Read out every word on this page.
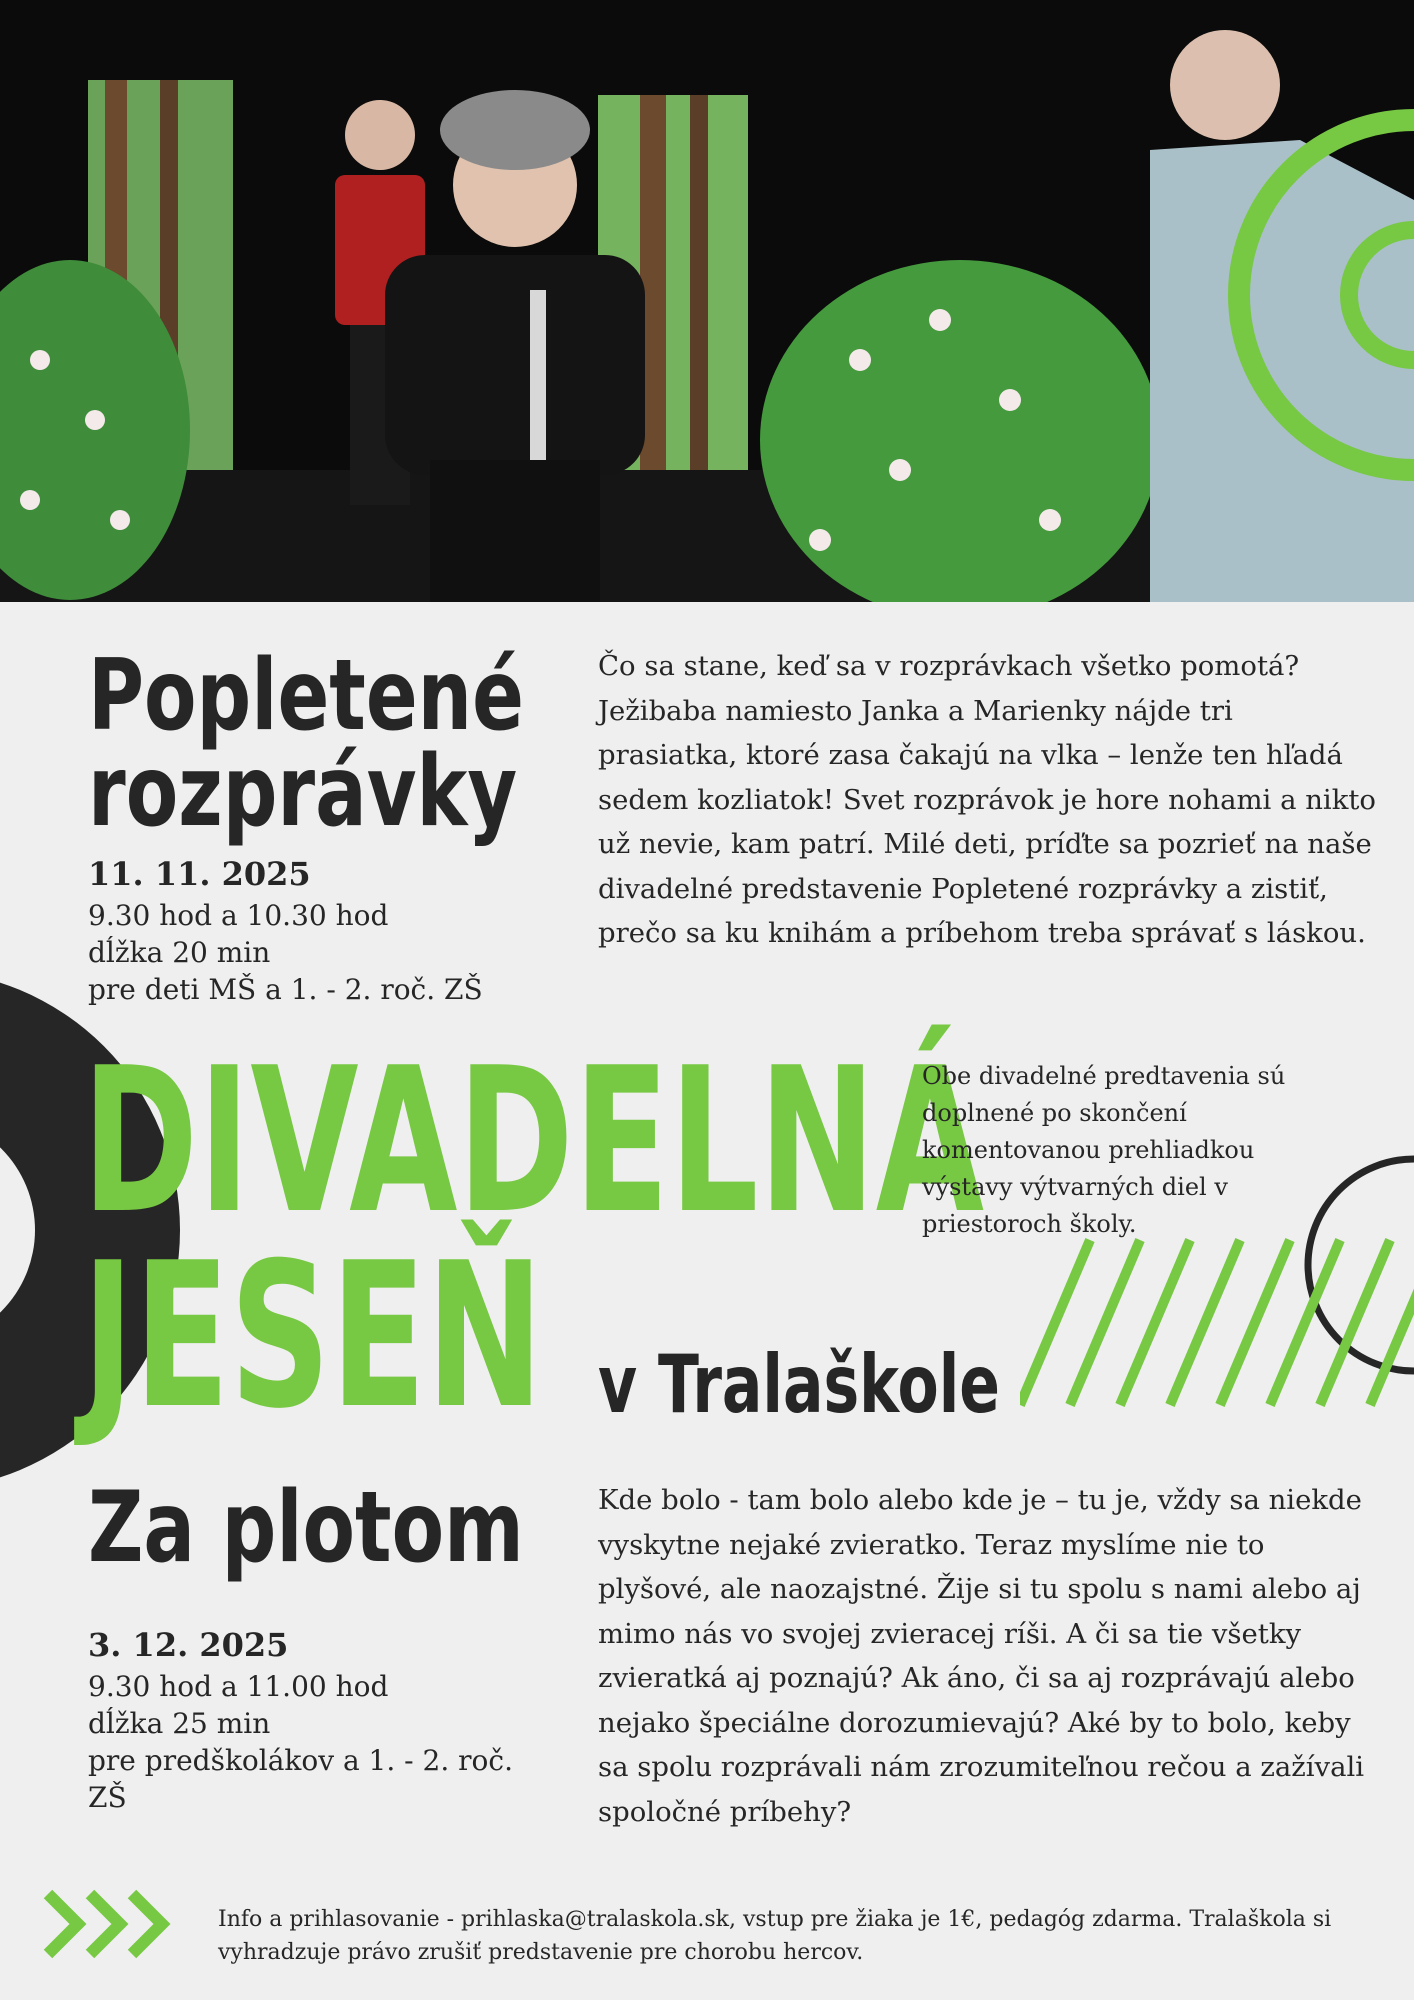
Popletené
rozprávky
11. 11. 2025
9.30 hod a 10.30 hod
dĺžka 20 min
pre deti MŠ a 1. - 2. roč. ZŠ
Čo sa stane, keď sa v rozprávkach všetko pomotá? Ježibaba namiesto Janka a Marienky nájde tri prasiatka, ktoré zasa čakajú na vlka – lenže ten hľadá sedem kozliatok! Svet rozprávok je hore nohami a nikto už nevie, kam patrí. Milé deti, príďte sa pozrieť na naše divadelné predstavenie Popletené rozprávky a zistiť, prečo sa ku knihám a príbehom treba správať s láskou.
DIVADELNÁ
JESEŇ v Tralaškole
Obe divadelné predtavenia sú doplnené po skončení komentovanou prehliadkou výstavy výtvarných diel v priestoroch školy.
Za plotom
3. 12. 2025
9.30 hod a 11.00 hod
dĺžka 25 min
pre predškolákov a 1. - 2. roč.
ZŠ
Kde bolo - tam bolo alebo kde je – tu je, vždy sa niekde vyskytne nejaké zvieratko. Teraz myslíme nie to plyšové, ale naozajstné. Žije si tu spolu s nami alebo aj mimo nás vo svojej zvieracej ríši. A či sa tie všetky zvieratká aj poznajú? Ak áno, či sa aj rozprávajú alebo nejako špeciálne dorozumievajú? Aké by to bolo, keby sa spolu rozprávali nám zrozumiteľnou rečou a zažívali spoločné príbehy?
Info a prihlasovanie - prihlaska@tralaskola.sk, vstup pre žiaka je 1€, pedagóg zdarma. Tralaškola si vyhradzuje právo zrušiť predstavenie pre chorobu hercov.
